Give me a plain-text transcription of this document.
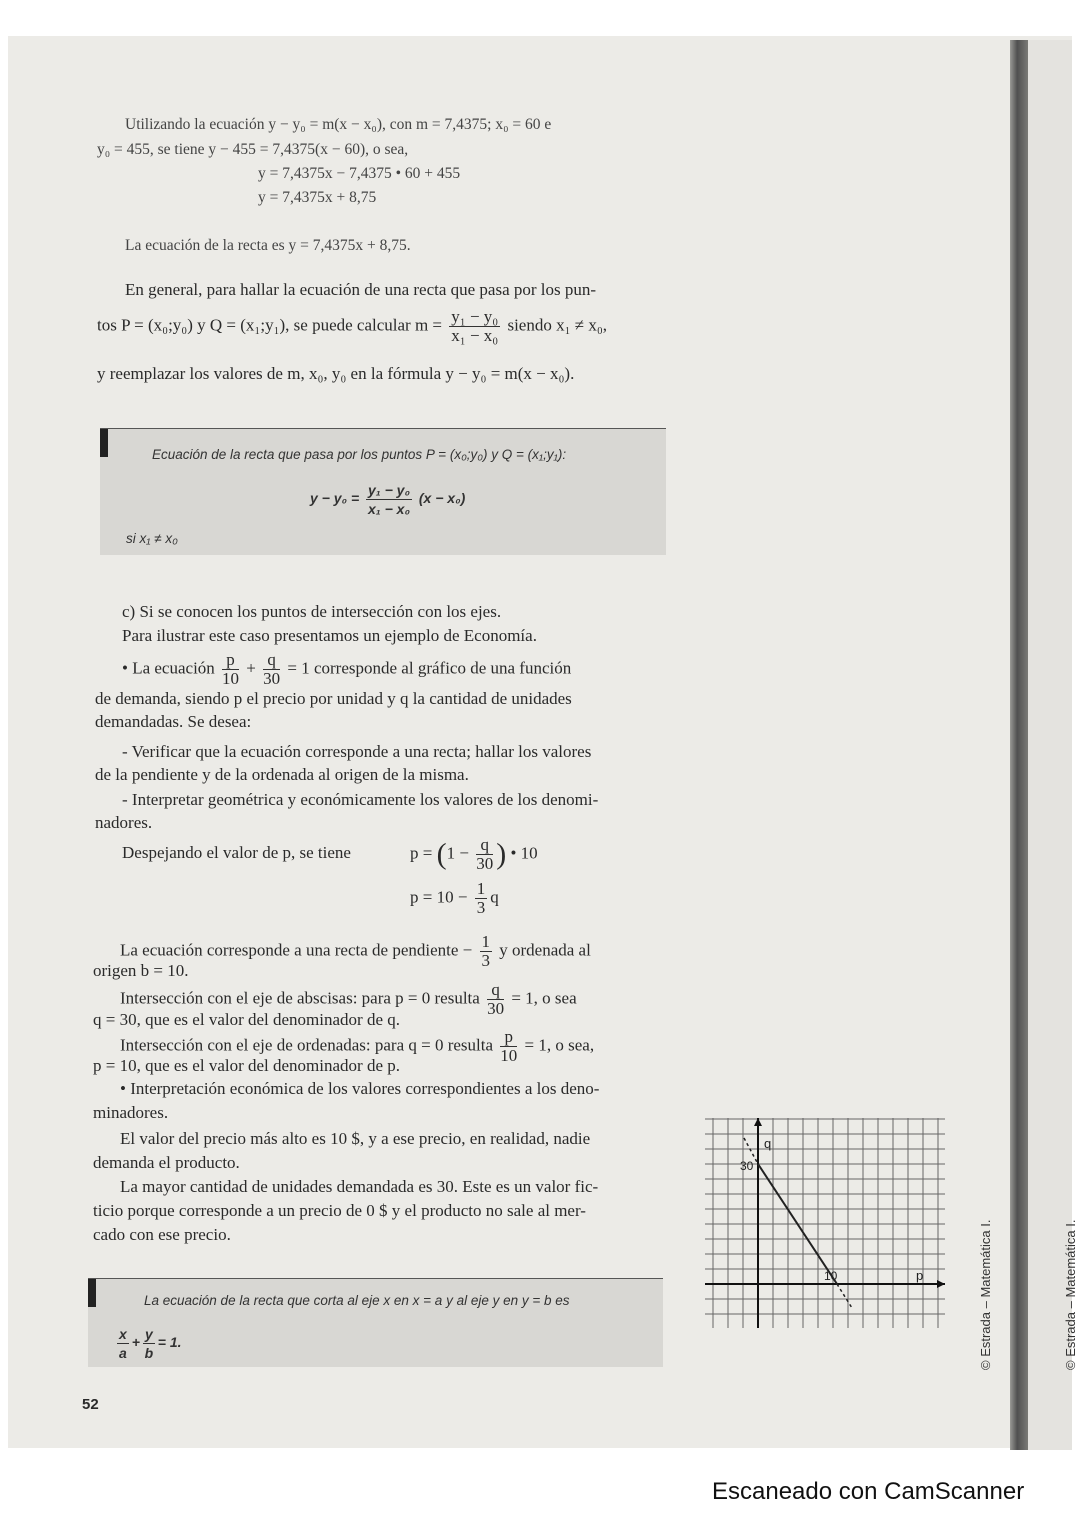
Utilizando la ecuación y − y₀ = m(x − x₀), con m = 7,4375; x₀ = 60 e
y₀ = 455, se tiene y − 455 = 7,4375(x − 60), o sea,
y = 7,4375x − 7,4375 • 60 + 455
y = 7,4375x + 8,75
La ecuación de la recta es y = 7,4375x + 8,75.
En general, para hallar la ecuación de una recta que pasa por los pun-
tos P = (x₀;y₀) y Q = (x₁;y₁), se puede calcular $m = \frac{\text{y₁ − y₀}}{\text{x₁ − x₀}}$ siendo x₁ ≠ x₀,
y reemplazar los valores de m, x₀, y₀ en la fórmula y − y₀ = m(x − x₀).
Ecuación de la recta que pasa por los puntos P = (x₀;y₀) y Q = (x₁;y₁):
$y - y_0 = \frac{\text{y₁ − y₀}}{\text{x₁ − x₀}} (x - x_0)$
si x₁ ≠ x₀
c) Si se conocen los puntos de intersección con los ejes.
Para ilustrar este caso presentamos un ejemplo de Economía.
• La ecuación $\frac{p}{10} + \frac{q}{30} = 1$ corresponde al gráfico de una función
de demanda, siendo p el precio por unidad y q la cantidad de unidades
demandadas. Se desea:
- Verificar que la ecuación corresponde a una recta; hallar los valores
de la pendiente y de la ordenada al origen de la misma.
- Interpretar geométrica y económicamente los valores de los denomi-
nadores.
Despejando el valor de p, se tiene	$p = (1 - \frac{q}{30}$ ) • 10
$p = 10 - \frac{1}{3}$ q
La ecuación corresponde a una recta de pendiente − $\frac{1}{3}$ y ordenada al
origen b = 10.
Intersección con el eje de abscisas: para p = 0 resulta $\frac{q}{30} = 1$, o sea
q = 30, que es el valor del denominador de q.
Intersección con el eje de ordenadas: para q = 0 resulta $\frac{p}{10} = 1$, o sea,
p = 10, que es el valor del denominador de p.
• Interpretación económica de los valores correspondientes a los deno-
minadores.
El valor del precio más alto es 10 $, y a ese precio, en realidad, nadie
demanda el producto.
La mayor cantidad de unidades demandada es 30. Este es un valor fic-
ticio porque corresponde a un precio de 0 $ y el producto no sale al mer-
cado con ese precio.
La ecuación de la recta que corta al eje x en x = a y al eje y en y = b es
$\frac{x}{a} + \frac{y}{b} = 1$.
q
30
10	p	© Estrada – Matemática I.	© Estrada – Matemática I.
52
Escaneado con CamScanner
